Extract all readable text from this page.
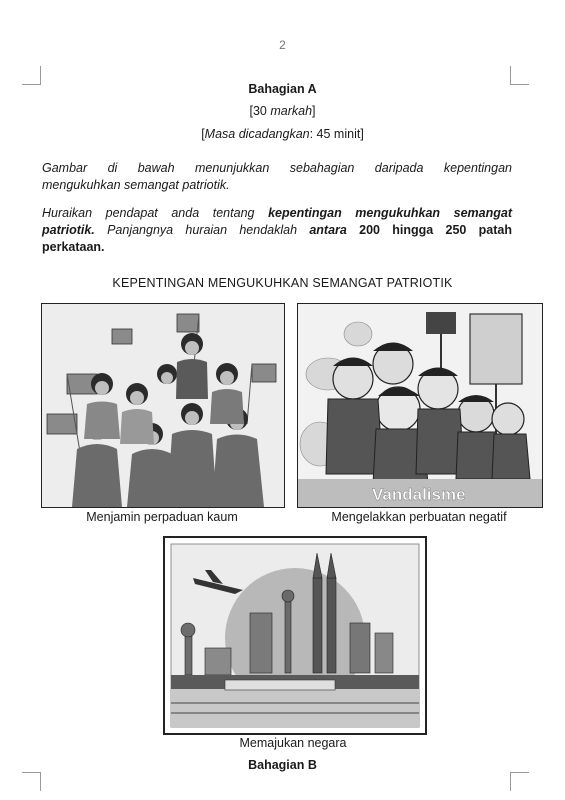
2
Bahagian A
[30 markah]
[Masa dicadangkan: 45 minit]
Gambar di bawah menunjukkan sebahagian daripada kepentingan
mengukuhkan semangat patriotik.
Huraikan pendapat anda tentang kepentingan mengukuhkan semangat
patriotik. Panjangnya huraian hendaklah antara 200 hingga 250 patah
perkataan.
KEPENTINGAN MENGUKUHKAN SEMANGAT PATRIOTIK
Vandalisme
Menjamin perpaduan kaum	Mengelakkan perbuatan negatif
Memajukan negara
Bahagian B
